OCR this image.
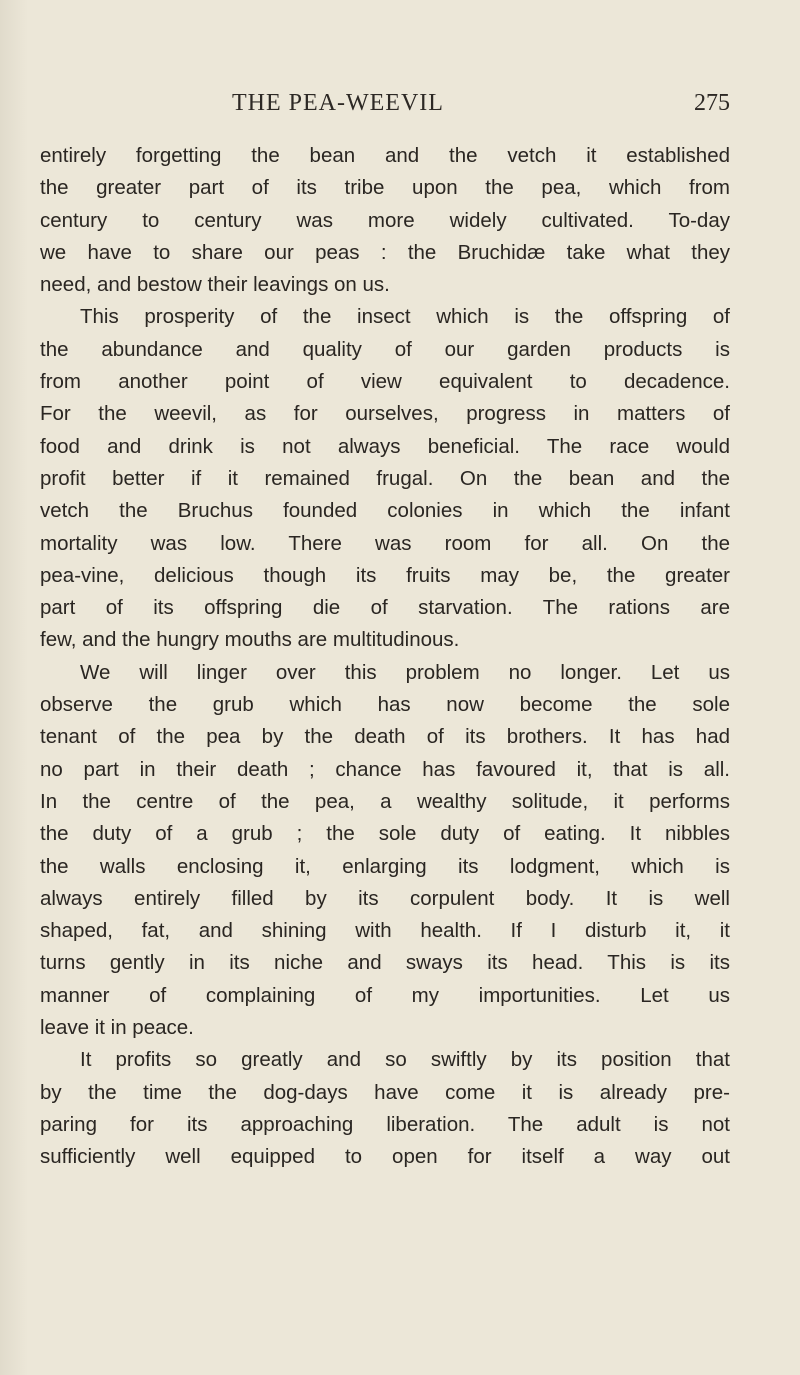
THE PEA-WEEVIL	275
entirely forgetting the bean and the vetch it established
the greater part of its tribe upon the pea, which from
century to century was more widely cultivated. To-day
we have to share our peas : the Bruchidæ take what they
need, and bestow their leavings on us.
This prosperity of the insect which is the offspring of
the abundance and quality of our garden products is
from another point of view equivalent to decadence.
For the weevil, as for ourselves, progress in matters of
food and drink is not always beneficial. The race would
profit better if it remained frugal. On the bean and the
vetch the Bruchus founded colonies in which the infant
mortality was low. There was room for all. On the
pea-vine, delicious though its fruits may be, the greater
part of its offspring die of starvation. The rations are
few, and the hungry mouths are multitudinous.
We will linger over this problem no longer. Let us
observe the grub which has now become the sole
tenant of the pea by the death of its brothers. It has had
no part in their death ; chance has favoured it, that is all.
In the centre of the pea, a wealthy solitude, it performs
the duty of a grub ; the sole duty of eating. It nibbles
the walls enclosing it, enlarging its lodgment, which is
always entirely filled by its corpulent body. It is well
shaped, fat, and shining with health. If I disturb it, it
turns gently in its niche and sways its head. This is its
manner of complaining of my importunities. Let us
leave it in peace.
It profits so greatly and so swiftly by its position that
by the time the dog-days have come it is already pre-
paring for its approaching liberation. The adult is not
sufficiently well equipped to open for itself a way out
